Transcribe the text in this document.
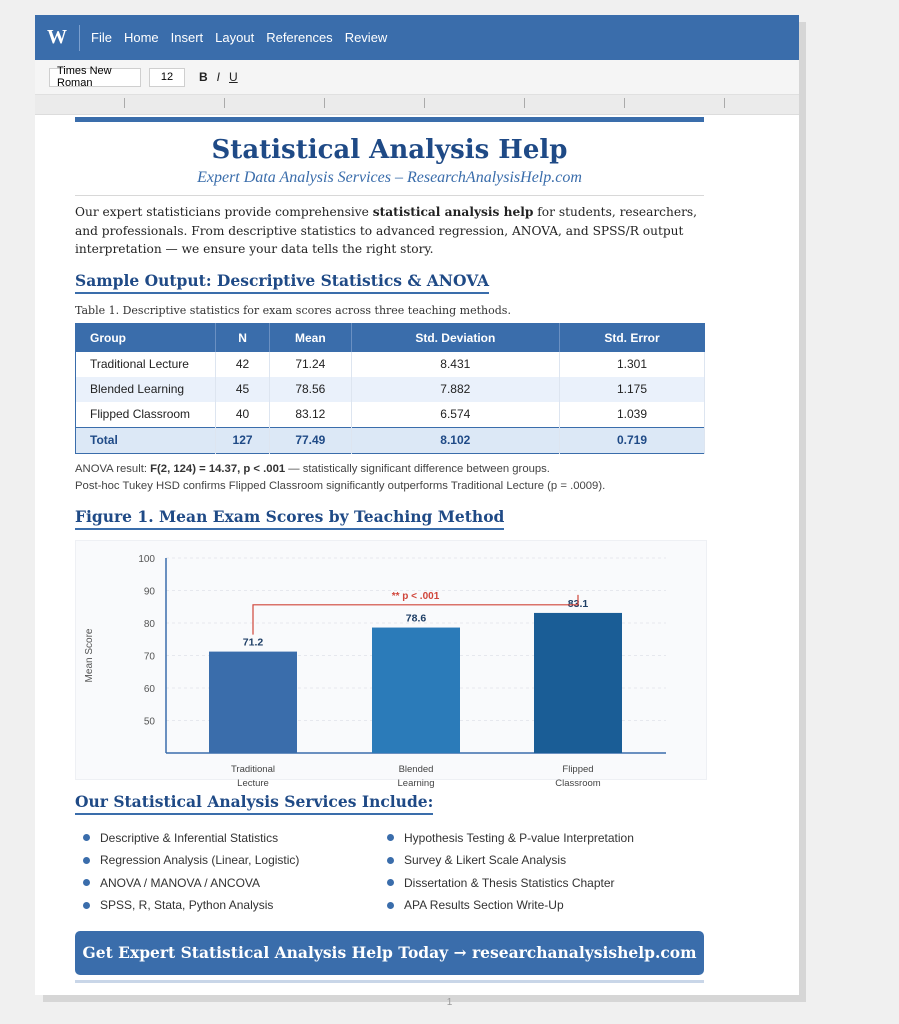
W	File Home Insert Layout References Review
Times New Roman	12	B I U
Statistical Analysis Help
Expert Data Analysis Services – ResearchAnalysisHelp.com
Our expert statisticians provide comprehensive statistical analysis help for students, researchers, and professionals. From descriptive statistics to advanced regression, ANOVA, and SPSS/R output interpretation — we ensure your data tells the right story.
Sample Output: Descriptive Statistics & ANOVA
Table 1. Descriptive statistics for exam scores across three teaching methods.
Group	N	Mean	Std. Deviation	Std. Error
Traditional Lecture	42	71.24	8.431	1.301
Blended Learning	45	78.56	7.882	1.175
Flipped Classroom	40	83.12	6.574	1.039
Total	127	77.49	8.102	0.719
ANOVA result: F(2, 124) = 14.37, p < .001 — statistically significant difference between groups.
Post-hoc Tukey HSD confirms Flipped Classroom significantly outperforms Traditional Lecture (p = .0009).
Figure 1. Mean Exam Scores by Teaching Method
50
60
70
80
90
100
Mean Score	71.2
Traditional
Lecture
78.6
Blended
Learning
83.1
Flipped
Classroom
** p < .001
Our Statistical Analysis Services Include:
Descriptive & Inferential Statistics
Regression Analysis (Linear, Logistic)
ANOVA / MANOVA / ANCOVA
SPSS, R, Stata, Python Analysis
Hypothesis Testing & P-value Interpretation
Survey & Likert Scale Analysis
Dissertation & Thesis Statistics Chapter
APA Results Section Write-Up
Get Expert Statistical Analysis Help Today → researchanalysishelp.com
1
